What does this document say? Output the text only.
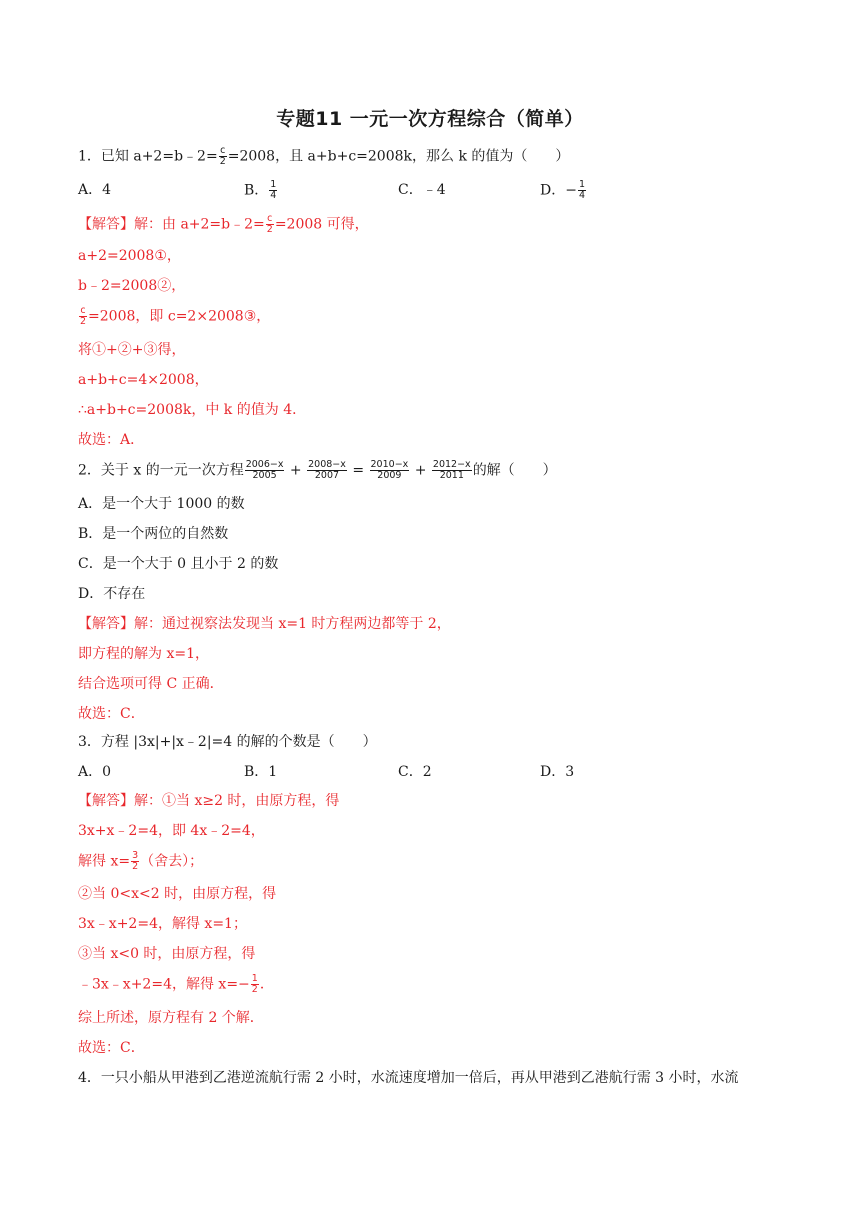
专题11 一元一次方程综合（简单）
1．已知 a+2=b﹣2= $\frac{c}{2} =2008$，且 a+b+c=2008k，那么 k 的值为（　　）
A．4	B． $\frac{1}{4}$	C．﹣4	D．− $\frac{1}{4}$
【解答】解：由 a+2=b﹣2= $\frac{c}{2} =2008$ 可得，
a+2=2008①，
b﹣2=2008②，
$\frac{c}{2} =2008$，即 c=2×2008③，
将①+②+③得，
a+b+c=4×2008，
∴a+b+c=2008k，中 k 的值为 4．
故选：A．
2．关于 x 的一元一次方程 $\frac{2006-x}{2005} + \frac{2008-x}{2007} = \frac{2010-x}{2009} + \frac{2012-x}{2011}$ 的解（　　）
A．是一个大于 1000 的数
B．是一个两位的自然数
C．是一个大于 0 且小于 2 的数
D．不存在
【解答】解：通过视察法发现当 x=1 时方程两边都等于 2，
即方程的解为 x=1，
结合选项可得 C 正确．
故选：C．
3．方程 |3x|+|x﹣2|=4 的解的个数是（　　）
A．0	B．1	C．2	D．3
【解答】解：①当 x≥2 时，由原方程，得
3x+x﹣2=4，即 4x﹣2=4，
解得 $x= \frac{3}{2}$ （舍去）；
②当 0<x<2 时，由原方程，得
3x﹣x+2=4，解得 x=1；
③当 x<0 时，由原方程，得
﹣3x﹣x+2=4，解得 $x=- \frac{1}{2}$ ．
综上所述，原方程有 2 个解．
故选：C．
4．一只小船从甲港到乙港逆流航行需 2 小时，水流速度增加一倍后，再从甲港到乙港航行需 3 小时，水流
